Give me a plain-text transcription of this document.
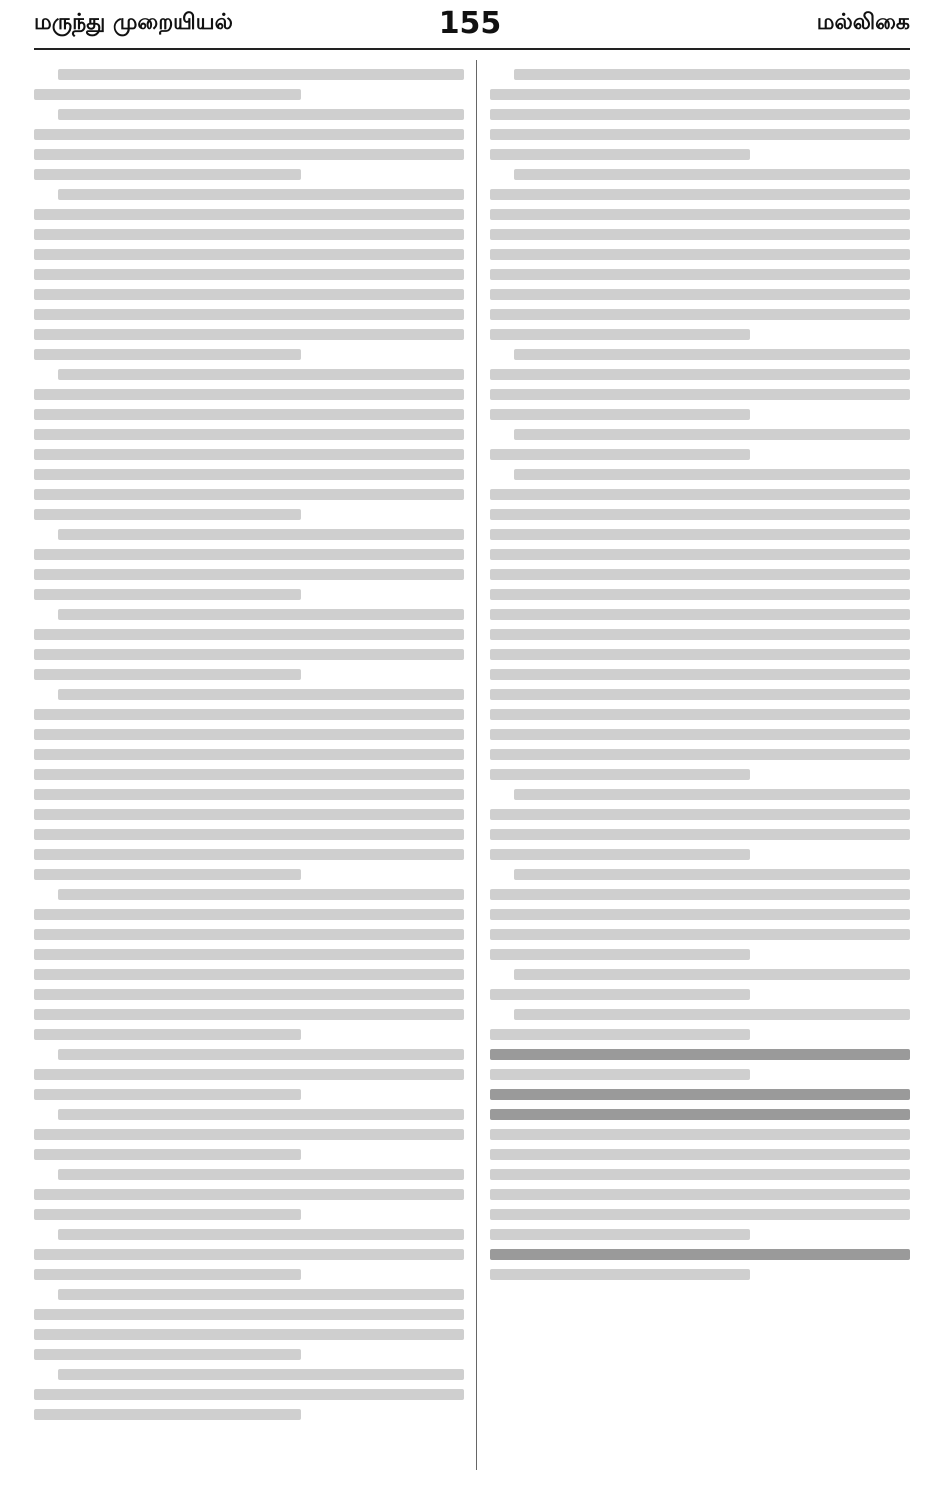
மருந்து முறையியல்	155	மல்லிகை
